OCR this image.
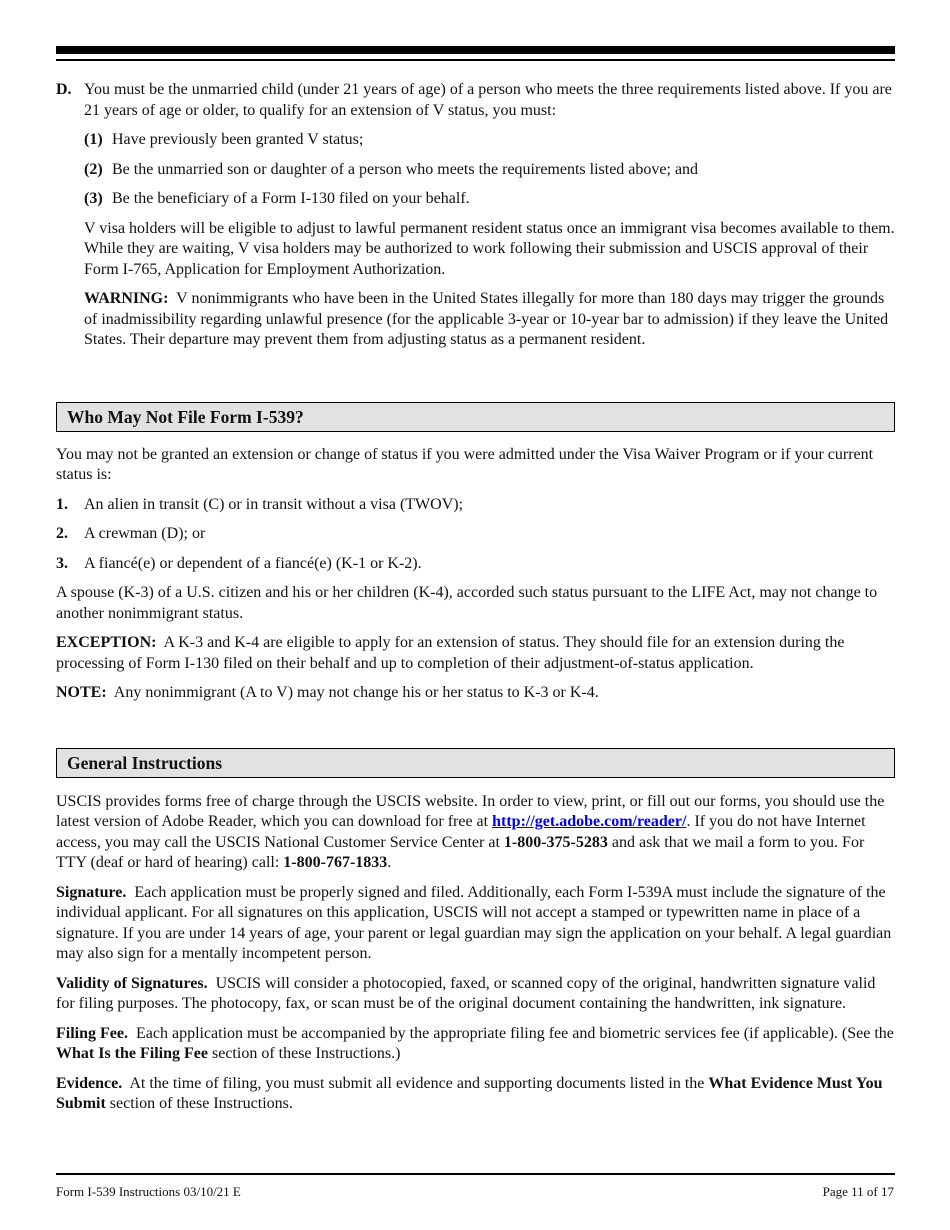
D. You must be the unmarried child (under 21 years of age) of a person who meets the three requirements listed above. If you are 21 years of age or older, to qualify for an extension of V status, you must:
(1) Have previously been granted V status;
(2) Be the unmarried son or daughter of a person who meets the requirements listed above; and
(3) Be the beneficiary of a Form I-130 filed on your behalf.

V visa holders will be eligible to adjust to lawful permanent resident status once an immigrant visa becomes available to them. While they are waiting, V visa holders may be authorized to work following their submission and USCIS approval of their Form I-765, Application for Employment Authorization.

WARNING: V nonimmigrants who have been in the United States illegally for more than 180 days may trigger the grounds of inadmissibility regarding unlawful presence (for the applicable 3-year or 10-year bar to admission) if they leave the United States. Their departure may prevent them from adjusting status as a permanent resident.

Who May Not File Form I-539?

You may not be granted an extension or change of status if you were admitted under the Visa Waiver Program or if your current status is:

1. An alien in transit (C) or in transit without a visa (TWOV);
2. A crewman (D); or
3. A fiancé(e) or dependent of a fiancé(e) (K-1 or K-2).

A spouse (K-3) of a U.S. citizen and his or her children (K-4), accorded such status pursuant to the LIFE Act, may not change to another nonimmigrant status.

EXCEPTION: A K-3 and K-4 are eligible to apply for an extension of status. They should file for an extension during the processing of Form I-130 filed on their behalf and up to completion of their adjustment-of-status application.

NOTE: Any nonimmigrant (A to V) may not change his or her status to K-3 or K-4.

General Instructions

USCIS provides forms free of charge through the USCIS website. In order to view, print, or fill out our forms, you should use the latest version of Adobe Reader, which you can download for free at http://get.adobe.com/reader/. If you do not have Internet access, you may call the USCIS National Customer Service Center at 1-800-375-5283 and ask that we mail a form to you. For TTY (deaf or hard of hearing) call: 1-800-767-1833.

Signature. Each application must be properly signed and filed. Additionally, each Form I-539A must include the signature of the individual applicant. For all signatures on this application, USCIS will not accept a stamped or typewritten name in place of a signature. If you are under 14 years of age, your parent or legal guardian may sign the application on your behalf. A legal guardian may also sign for a mentally incompetent person.

Validity of Signatures. USCIS will consider a photocopied, faxed, or scanned copy of the original, handwritten signature valid for filing purposes. The photocopy, fax, or scan must be of the original document containing the handwritten, ink signature.

Filing Fee. Each application must be accompanied by the appropriate filing fee and biometric services fee (if applicable). (See the What Is the Filing Fee section of these Instructions.)

Evidence. At the time of filing, you must submit all evidence and supporting documents listed in the What Evidence Must You Submit section of these Instructions.

Form I-539 Instructions 03/10/21 E	Page 11 of 17
